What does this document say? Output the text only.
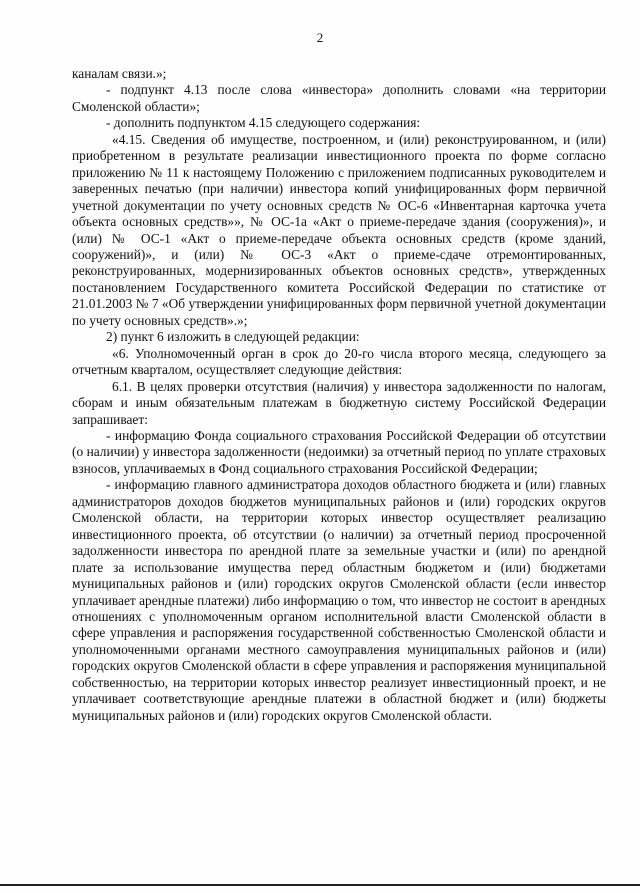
2

каналам связи.»;

- подпункт 4.13 после слова «инвестора» дополнить словами «на территории Смоленской области»;

- дополнить подпунктом 4.15 следующего содержания:

«4.15. Сведения об имуществе, построенном, и (или) реконструированном, и (или) приобретенном в результате реализации инвестиционного проекта по форме согласно приложению № 11 к настоящему Положению с приложением подписанных руководителем и заверенных печатью (при наличии) инвестора копий унифицированных форм первичной учетной документации по учету основных средств № ОС-6 «Инвентарная карточка учета объекта основных средств»», № ОС-1а «Акт о приеме-передаче здания (сооружения)», и (или) № ОС-1 «Акт о приеме-передаче объекта основных средств (кроме зданий, сооружений)», и (или) № ОС-3 «Акт о приеме-сдаче отремонтированных, реконструированных, модернизированных объектов основных средств», утвержденных постановлением Государственного комитета Российской Федерации по статистике от 21.01.2003 № 7 «Об утверждении унифицированных форм первичной учетной документации по учету основных средств».»;

2) пункт 6 изложить в следующей редакции:

«6. Уполномоченный орган в срок до 20-го числа второго месяца, следующего за отчетным кварталом, осуществляет следующие действия:

6.1. В целях проверки отсутствия (наличия) у инвестора задолженности по налогам, сборам и иным обязательным платежам в бюджетную систему Российской Федерации запрашивает:

- информацию Фонда социального страхования Российской Федерации об отсутствии (о наличии) у инвестора задолженности (недоимки) за отчетный период по уплате страховых взносов, уплачиваемых в Фонд социального страхования Российской Федерации;

- информацию главного администратора доходов областного бюджета и (или) главных администраторов доходов бюджетов муниципальных районов и (или) городских округов Смоленской области, на территории которых инвестор осуществляет реализацию инвестиционного проекта, об отсутствии (о наличии) за отчетный период просроченной задолженности инвестора по арендной плате за земельные участки и (или) по арендной плате за использование имущества перед областным бюджетом и (или) бюджетами муниципальных районов и (или) городских округов Смоленской области (если инвестор уплачивает арендные платежи) либо информацию о том, что инвестор не состоит в арендных отношениях с уполномоченным органом исполнительной власти Смоленской области в сфере управления и распоряжения государственной собственностью Смоленской области и уполномоченными органами местного самоуправления муниципальных районов и (или) городских округов Смоленской области в сфере управления и распоряжения муниципальной собственностью, на территории которых инвестор реализует инвестиционный проект, и не уплачивает соответствующие арендные платежи в областной бюджет и (или) бюджеты муниципальных районов и (или) городских округов Смоленской области.
